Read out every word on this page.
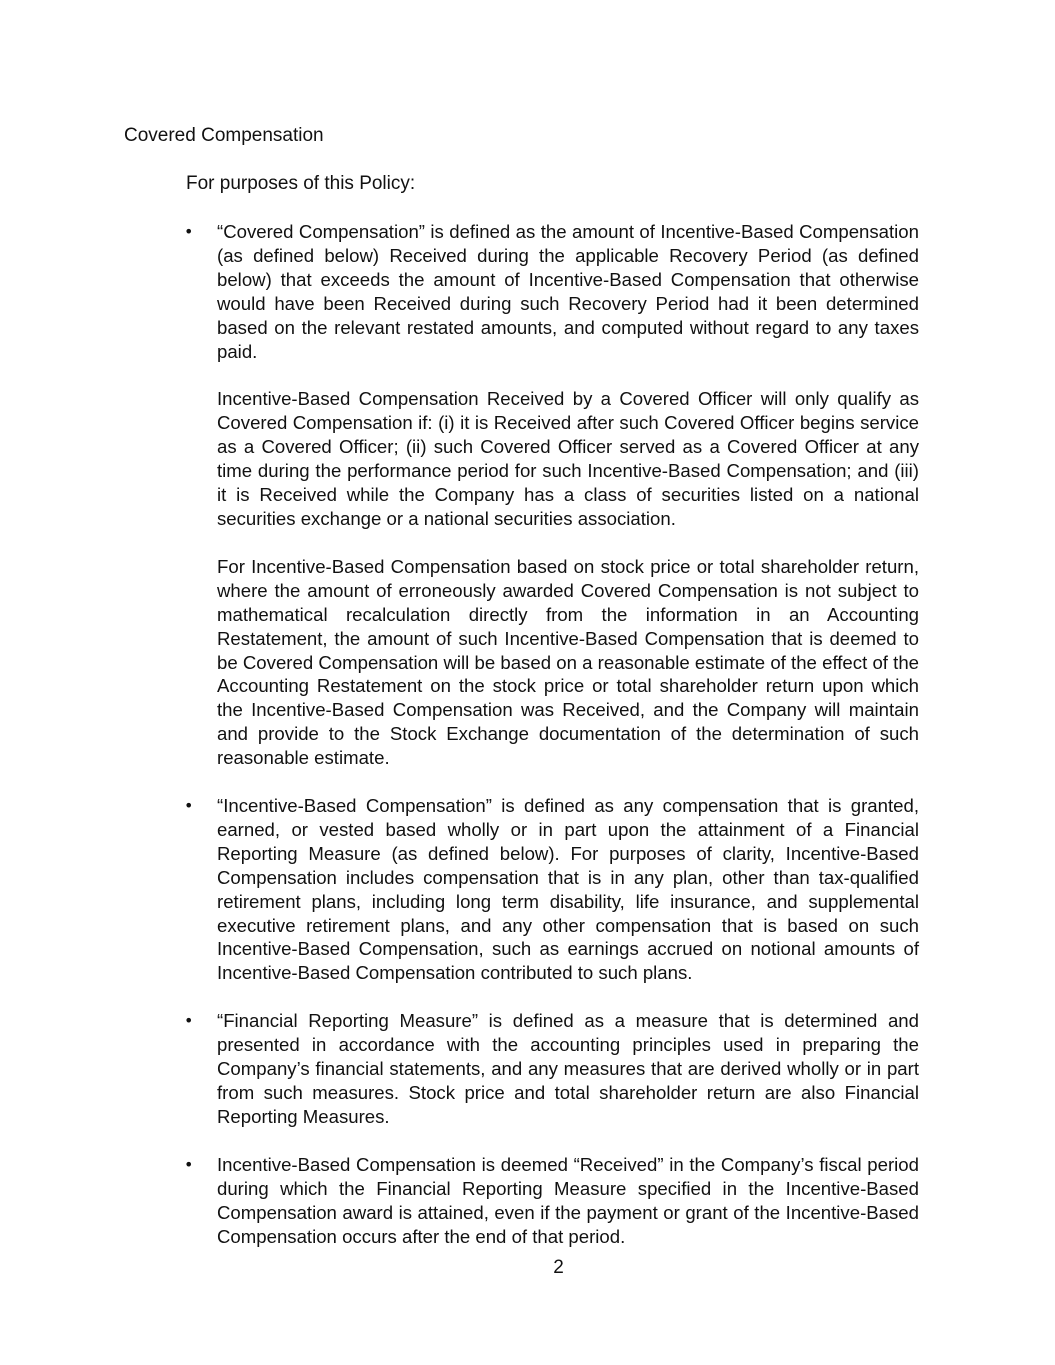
Covered Compensation
For purposes of this Policy:
• “Covered Compensation” is defined as the amount of Incentive-Based Compensation (as defined below) Received during the applicable Recovery Period (as defined below) that exceeds the amount of Incentive-Based Compensation that otherwise would have been Received during such Recovery Period had it been determined based on the relevant restated amounts, and computed without regard to any taxes paid.

Incentive-Based Compensation Received by a Covered Officer will only qualify as Covered Compensation if: (i) it is Received after such Covered Officer begins service as a Covered Officer; (ii) such Covered Officer served as a Covered Officer at any time during the performance period for such Incentive-Based Compensation; and (iii) it is Received while the Company has a class of securities listed on a national securities exchange or a national securities association.

For Incentive-Based Compensation based on stock price or total shareholder return, where the amount of erroneously awarded Covered Compensation is not subject to mathematical recalculation directly from the information in an Accounting Restatement, the amount of such Incentive-Based Compensation that is deemed to be Covered Compensation will be based on a reasonable estimate of the effect of the Accounting Restatement on the stock price or total shareholder return upon which the Incentive-Based Compensation was Received, and the Company will maintain and provide to the Stock Exchange documentation of the determination of such reasonable estimate.

• “Incentive-Based Compensation” is defined as any compensation that is granted, earned, or vested based wholly or in part upon the attainment of a Financial Reporting Measure (as defined below). For purposes of clarity, Incentive-Based Compensation includes compensation that is in any plan, other than tax-qualified retirement plans, including long term disability, life insurance, and supplemental executive retirement plans, and any other compensation that is based on such Incentive-Based Compensation, such as earnings accrued on notional amounts of Incentive-Based Compensation contributed to such plans.

• “Financial Reporting Measure” is defined as a measure that is determined and presented in accordance with the accounting principles used in preparing the Company’s financial statements, and any measures that are derived wholly or in part from such measures. Stock price and total shareholder return are also Financial Reporting Measures.

• Incentive-Based Compensation is deemed “Received” in the Company’s fiscal period during which the Financial Reporting Measure specified in the Incentive-Based Compensation award is attained, even if the payment or grant of the Incentive-Based Compensation occurs after the end of that period.

2
